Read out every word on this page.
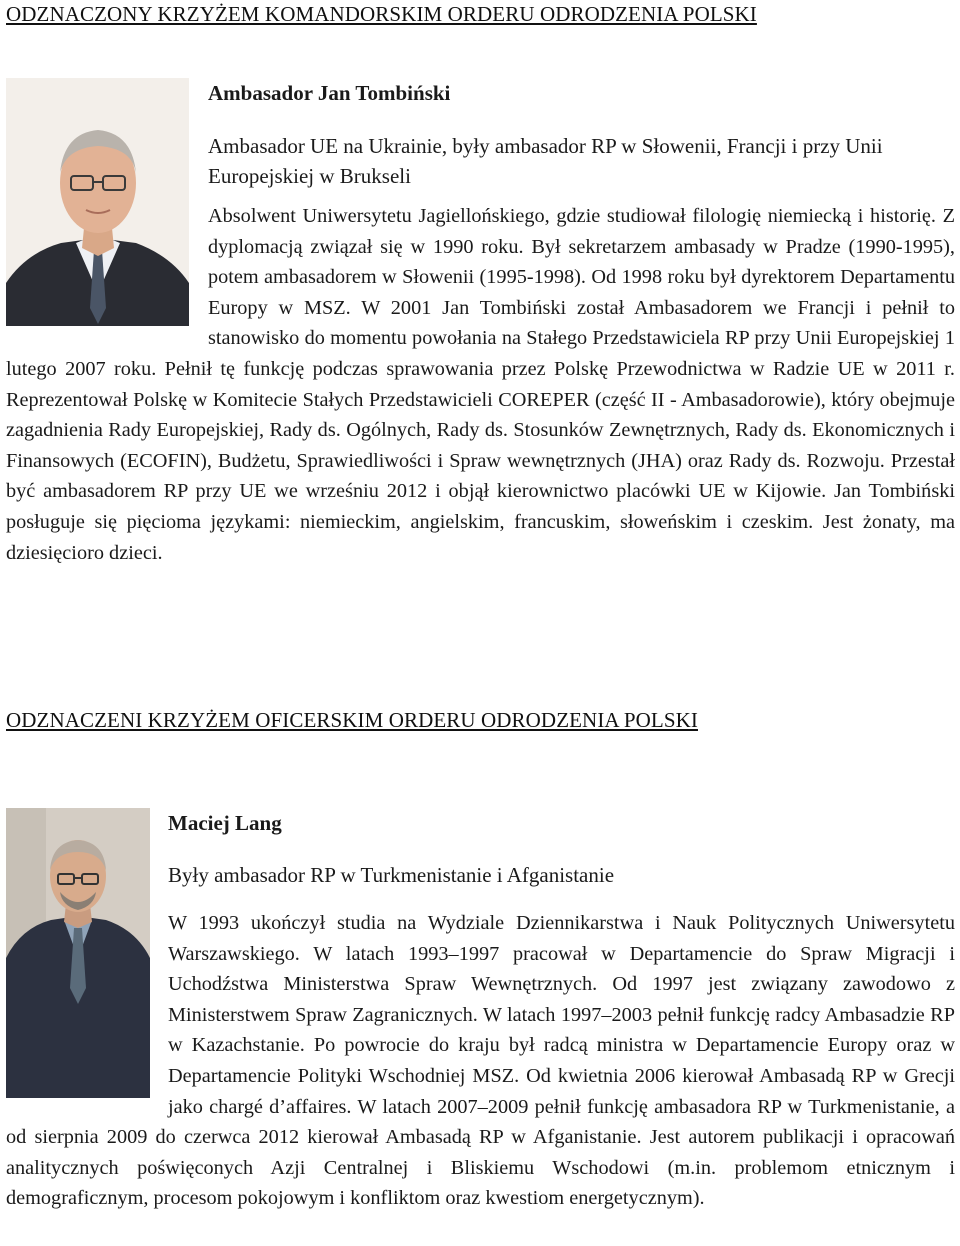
ODZNACZONY KRZYŻEM KOMANDORSKIM ORDERU ODRODZENIA POLSKI

Ambasador Jan Tombiński

Ambasador UE na Ukrainie, były ambasador RP w Słowenii, Francji i przy Unii Europejskiej w Brukseli

Absolwent Uniwersytetu Jagiellońskiego, gdzie studiował filologię niemiecką i historię. Z dyplomacją związał się w 1990 roku. Był sekretarzem ambasady w Pradze (1990-1995), potem ambasadorem w Słowenii (1995-1998). Od 1998 roku był dyrektorem Departamentu Europy w MSZ. W 2001 Jan Tombiński został Ambasadorem we Francji i pełnił to stanowisko do momentu powołania na Stałego Przedstawiciela RP przy Unii Europejskiej 1 lutego 2007 roku. Pełnił tę funkcję podczas sprawowania przez Polskę Przewodnictwa w Radzie UE w 2011 r. Reprezentował Polskę w Komitecie Stałych Przedstawicieli COREPER (część II - Ambasadorowie), który obejmuje zagadnienia Rady Europejskiej, Rady ds. Ogólnych, Rady ds. Stosunków Zewnętrznych, Rady ds. Ekonomicznych i Finansowych (ECOFIN), Budżetu, Sprawiedliwości i Spraw wewnętrznych (JHA) oraz Rady ds. Rozwoju. Przestał być ambasadorem RP przy UE we wrześniu 2012 i objął kierownictwo placówki UE w Kijowie. Jan Tombiński posługuje się pięcioma językami: niemieckim, angielskim, francuskim, słoweńskim i czeskim. Jest żonaty, ma dziesięcioro dzieci.

ODZNACZENI KRZYŻEM OFICERSKIM ORDERU ODRODZENIA POLSKI

Maciej Lang

Były ambasador RP w Turkmenistanie i Afganistanie

W 1993 ukończył studia na Wydziale Dziennikarstwa i Nauk Politycznych Uniwersytetu Warszawskiego. W latach 1993–1997 pracował w Departamencie do Spraw Migracji i Uchodźstwa Ministerstwa Spraw Wewnętrznych. Od 1997 jest związany zawodowo z Ministerstwem Spraw Zagranicznych. W latach 1997–2003 pełnił funkcję radcy Ambasadzie RP w Kazachstanie. Po powrocie do kraju był radcą ministra w Departamencie Europy oraz w Departamencie Polityki Wschodniej MSZ. Od kwietnia 2006 kierował Ambasadą RP w Grecji jako chargé d’affaires. W latach 2007–2009 pełnił funkcję ambasadora RP w Turkmenistanie, a od sierpnia 2009 do czerwca 2012 kierował Ambasadą RP w Afganistanie. Jest autorem publikacji i opracowań analitycznych poświęconych Azji Centralnej i Bliskiemu Wschodowi (m.in. problemom etnicznym i demograficznym, procesom pokojowym i konfliktom oraz kwestiom energetycznym).
